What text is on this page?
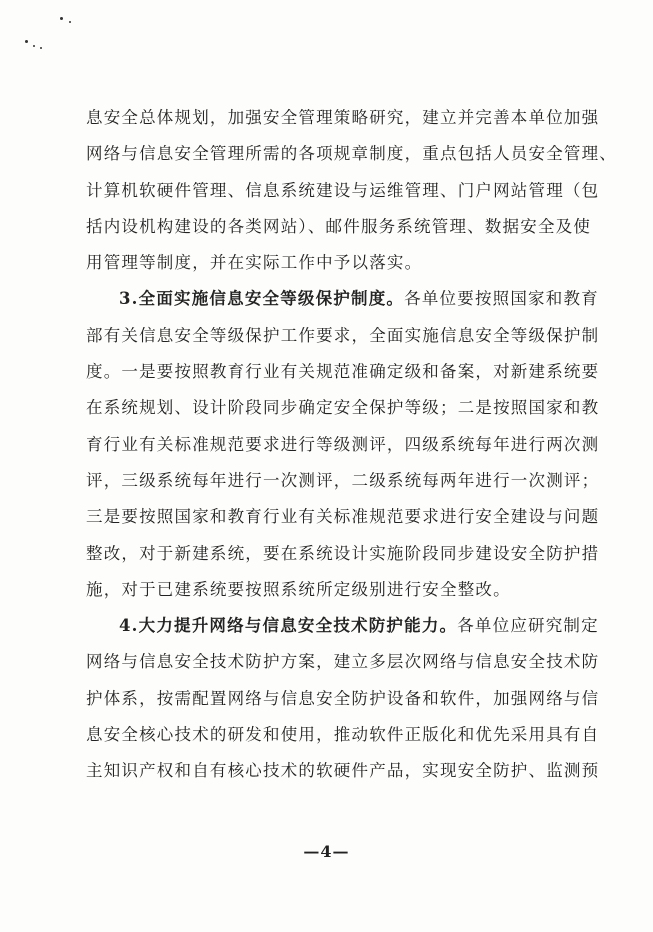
息安全总体规划，加强安全管理策略研究，建立并完善本单位加强
网络与信息安全管理所需的各项规章制度，重点包括人员安全管理、
计算机软硬件管理、信息系统建设与运维管理、门户网站管理（包
括内设机构建设的各类网站）、邮件服务系统管理、数据安全及使
用管理等制度，并在实际工作中予以落实。
3.全面实施信息安全等级保护制度。各单位要按照国家和教育
部有关信息安全等级保护工作要求，全面实施信息安全等级保护制
度。一是要按照教育行业有关规范准确定级和备案，对新建系统要
在系统规划、设计阶段同步确定安全保护等级；二是按照国家和教
育行业有关标准规范要求进行等级测评，四级系统每年进行两次测
评，三级系统每年进行一次测评，二级系统每两年进行一次测评；
三是要按照国家和教育行业有关标准规范要求进行安全建设与问题
整改，对于新建系统，要在系统设计实施阶段同步建设安全防护措
施，对于已建系统要按照系统所定级别进行安全整改。
4.大力提升网络与信息安全技术防护能力。各单位应研究制定
网络与信息安全技术防护方案，建立多层次网络与信息安全技术防
护体系，按需配置网络与信息安全防护设备和软件，加强网络与信
息安全核心技术的研发和使用，推动软件正版化和优先采用具有自
主知识产权和自有核心技术的软硬件产品，实现安全防护、监测预
—4—
